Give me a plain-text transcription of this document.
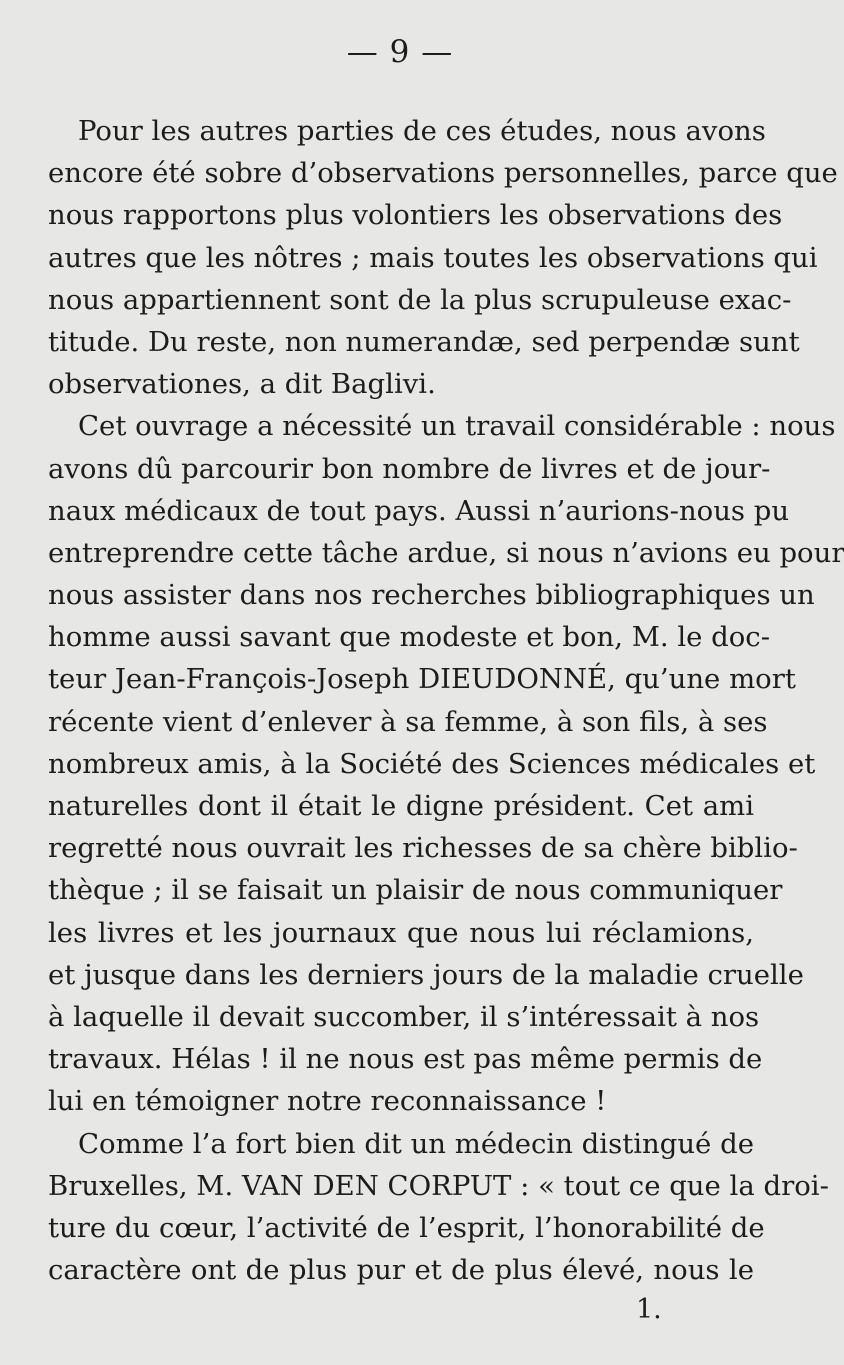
— 9 —
Pour les autres parties de ces études, nous avons
encore été sobre d’observations personnelles, parce que
nous rapportons plus volontiers les observations des
autres que les nôtres ; mais toutes les observations qui
nous appartiennent sont de la plus scrupuleuse exac-
titude. Du reste, non numerandæ, sed perpendæ sunt
observationes, a dit Baglivi.
Cet ouvrage a nécessité un travail considérable : nous
avons dû parcourir bon nombre de livres et de jour-
naux médicaux de tout pays. Aussi n’aurions-nous pu
entreprendre cette tâche ardue, si nous n’avions eu pour
nous assister dans nos recherches bibliographiques un
homme aussi savant que modeste et bon, M. le doc-
teur Jean-François-Joseph DIEUDONNÉ, qu’une mort
récente vient d’enlever à sa femme, à son fils, à ses
nombreux amis, à la Société des Sciences médicales et
naturelles dont il était le digne président. Cet ami
regretté nous ouvrait les richesses de sa chère biblio-
thèque ; il se faisait un plaisir de nous communiquer
les livres et les journaux que nous lui réclamions,
et jusque dans les derniers jours de la maladie cruelle
à laquelle il devait succomber, il s’intéressait à nos
travaux. Hélas ! il ne nous est pas même permis de
lui en témoigner notre reconnaissance !
Comme l’a fort bien dit un médecin distingué de
Bruxelles, M. VAN DEN CORPUT : « tout ce que la droi-
ture du cœur, l’activité de l’esprit, l’honorabilité de
caractère ont de plus pur et de plus élevé, nous le
1.
